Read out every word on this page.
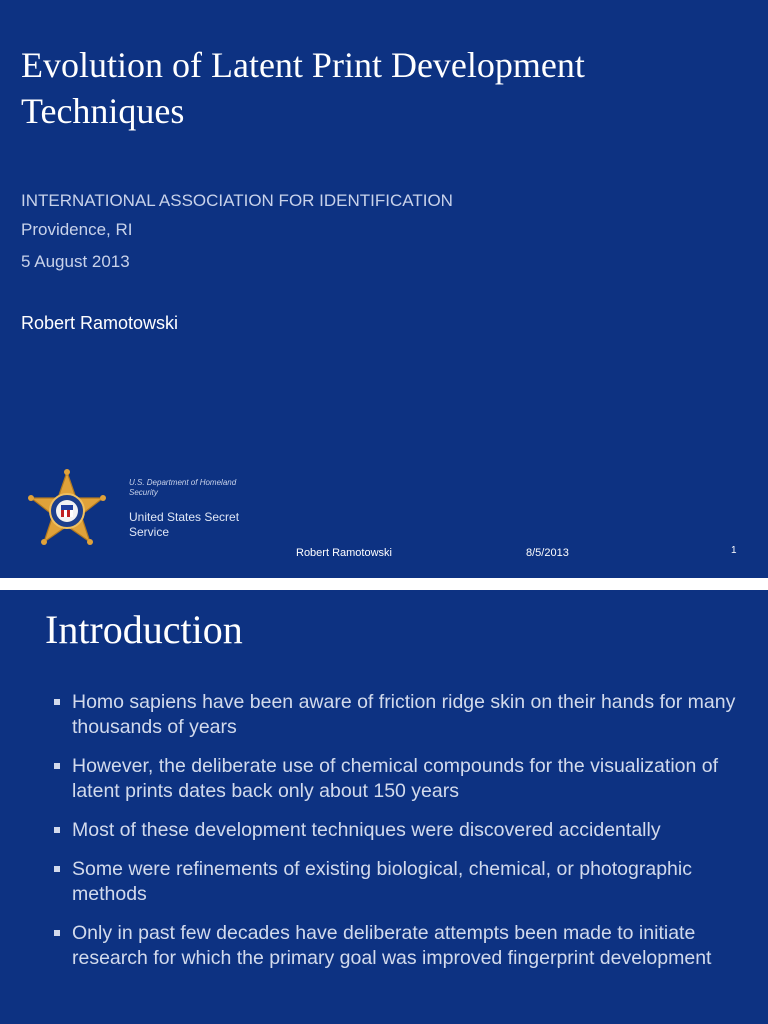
Evolution of Latent Print Development Techniques

INTERNATIONAL ASSOCIATION FOR IDENTIFICATION

Providence, RI

5 August 2013

Robert Ramotowski
U.S. Department of Homeland Security
United States Secret Service
Robert Ramotowski	8/5/2013	1
Introduction
Homo sapiens have been aware of friction ridge skin on their hands for many thousands of years
However, the deliberate use of chemical compounds for the visualization of latent prints dates back only about 150 years
Most of these development techniques were discovered accidentally
Some were refinements of existing biological, chemical, or photographic methods
Only in past few decades have deliberate attempts been made to initiate research for which the primary goal was improved fingerprint development
